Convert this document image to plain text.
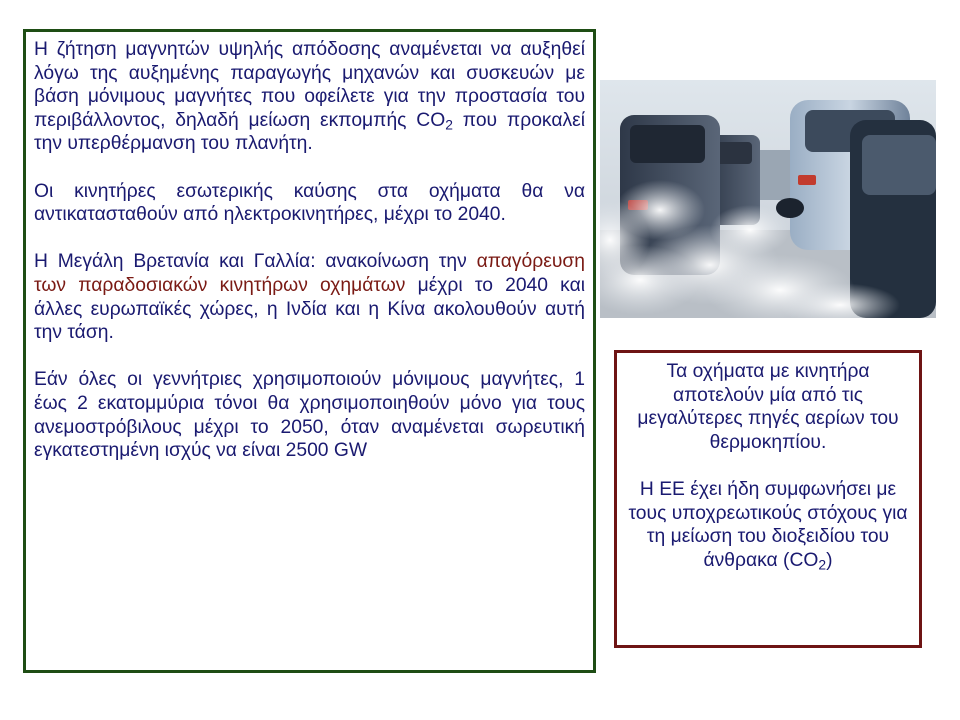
Η ζήτηση μαγνητών υψηλής απόδοσης αναμένεται να αυξηθεί λόγω της αυξημένης παραγωγής μηχανών και συσκευών με βάση μόνιμους μαγνήτες που οφείλετε για την προστασία του περιβάλλοντος, δηλαδή μείωση εκπομπής $CO_2$ που προκαλεί την υπερθέρμανση του πλανήτη.

Οι κινητήρες εσωτερικής καύσης στα οχήματα θα να αντικατασταθούν από ηλεκτροκινητήρες, μέχρι το 2040.

Η Μεγάλη Βρετανία και Γαλλία: ανακοίνωση την απαγόρευση των παραδοσιακών κινητήρων οχημάτων μέχρι το 2040 και άλλες ευρωπαϊκές χώρες, η Ινδία και η Κίνα ακολουθούν αυτή την τάση.

Εάν όλες οι γεννήτριες χρησιμοποιούν μόνιμους μαγνήτες, 1 έως 2 εκατομμύρια τόνοι θα χρησιμοποιηθούν μόνο για τους ανεμοστρόβιλους μέχρι το 2050, όταν αναμένεται σωρευτική εγκατεστημένη ισχύς να είναι 2500 GW

Τα οχήματα με κινητήρα αποτελούν μία από τις μεγαλύτερες πηγές αερίων του θερμοκηπίου.

Η ΕΕ έχει ήδη συμφωνήσει με τους υποχρεωτικούς στόχους για τη μείωση του διοξειδίου του άνθρακα $(CO_2)$
